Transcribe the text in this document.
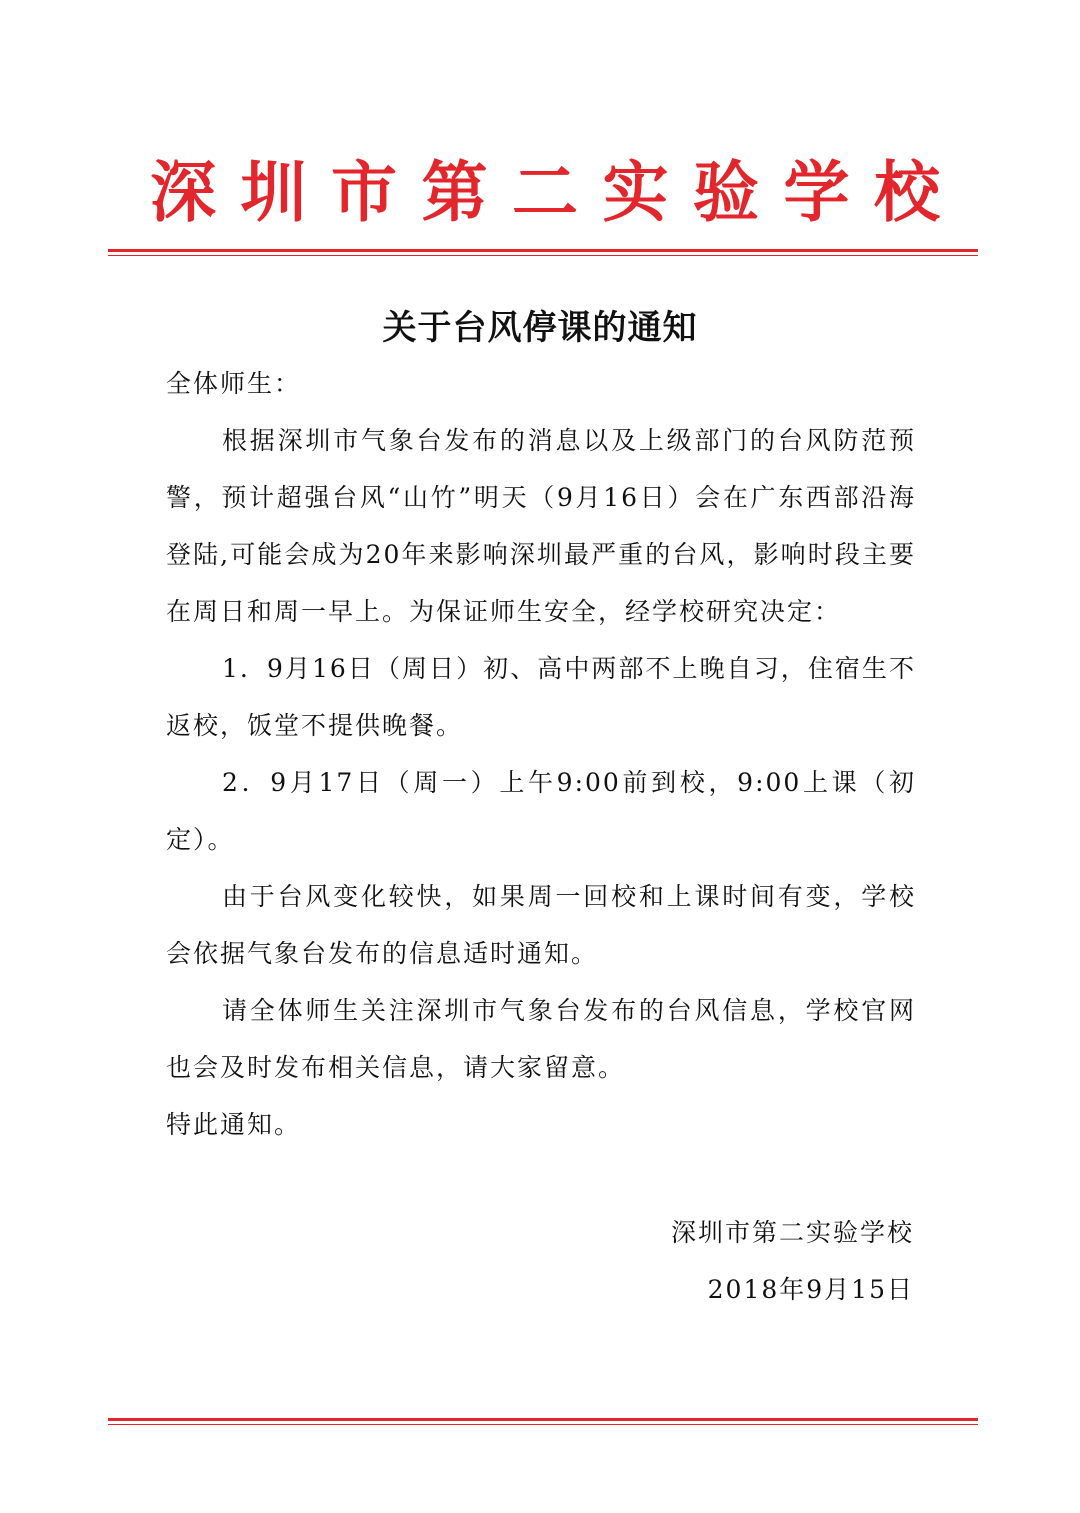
深 圳 市 第 二 实 验 学 校
关于台风停课的通知

全体师生：

根据深圳市气象台发布的消息以及上级部门的台风防范预警，预计超强台风“山竹”明天（9月16日）会在广东西部沿海登陆,可能会成为20年来影响深圳最严重的台风，影响时段主要在周日和周一早上。为保证师生安全，经学校研究决定：

1．9月16日（周日）初、高中两部不上晚自习，住宿生不返校，饭堂不提供晚餐。

2．9月17日（周一）上午9:00前到校，9:00上课（初定）。

由于台风变化较快，如果周一回校和上课时间有变，学校会依据气象台发布的信息适时通知。

请全体师生关注深圳市气象台发布的台风信息，学校官网也会及时发布相关信息，请大家留意。

特此通知。

深圳市第二实验学校
2018年9月15日
